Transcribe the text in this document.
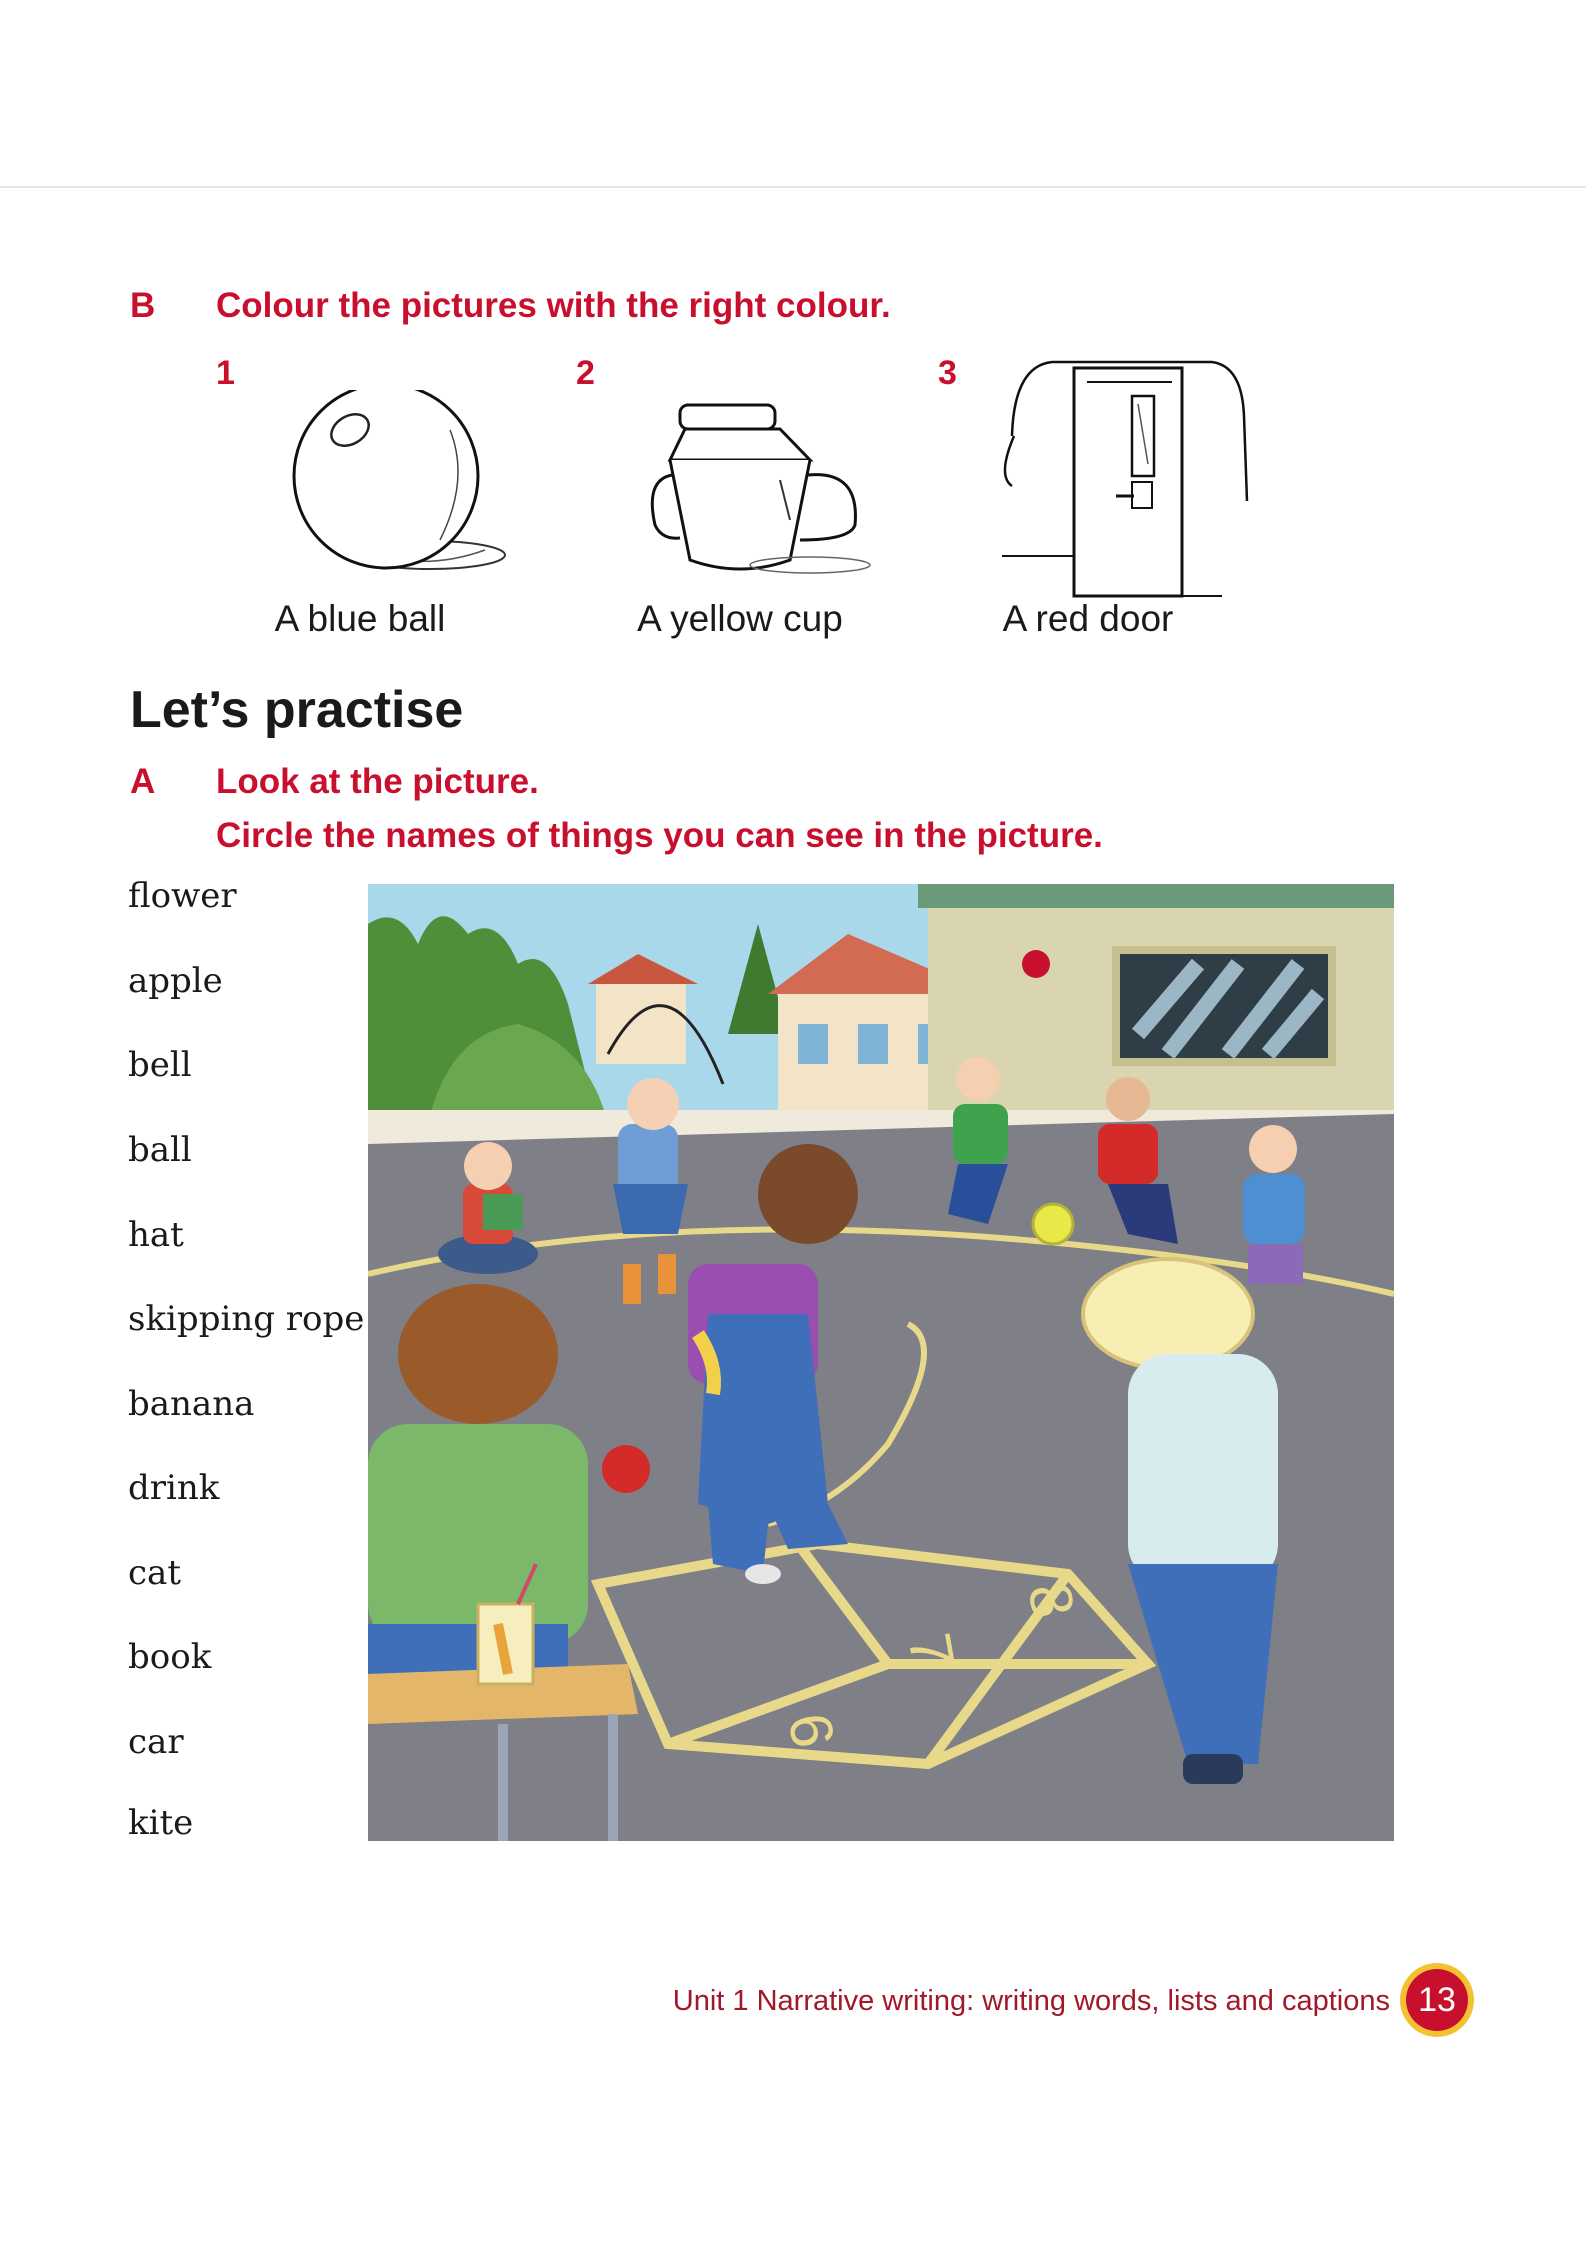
B Colour the pictures with the right colour.
1	2	3
A blue ball	A yellow cup	A red door
Let’s practise
A Look at the picture.
Circle the names of things you can see in the picture.
flower
apple
bell
ball
hat
skipping rope
banana
drink
cat
book
car
kite
8
7
6
Unit 1 Narrative writing: writing words, lists and captions 13
